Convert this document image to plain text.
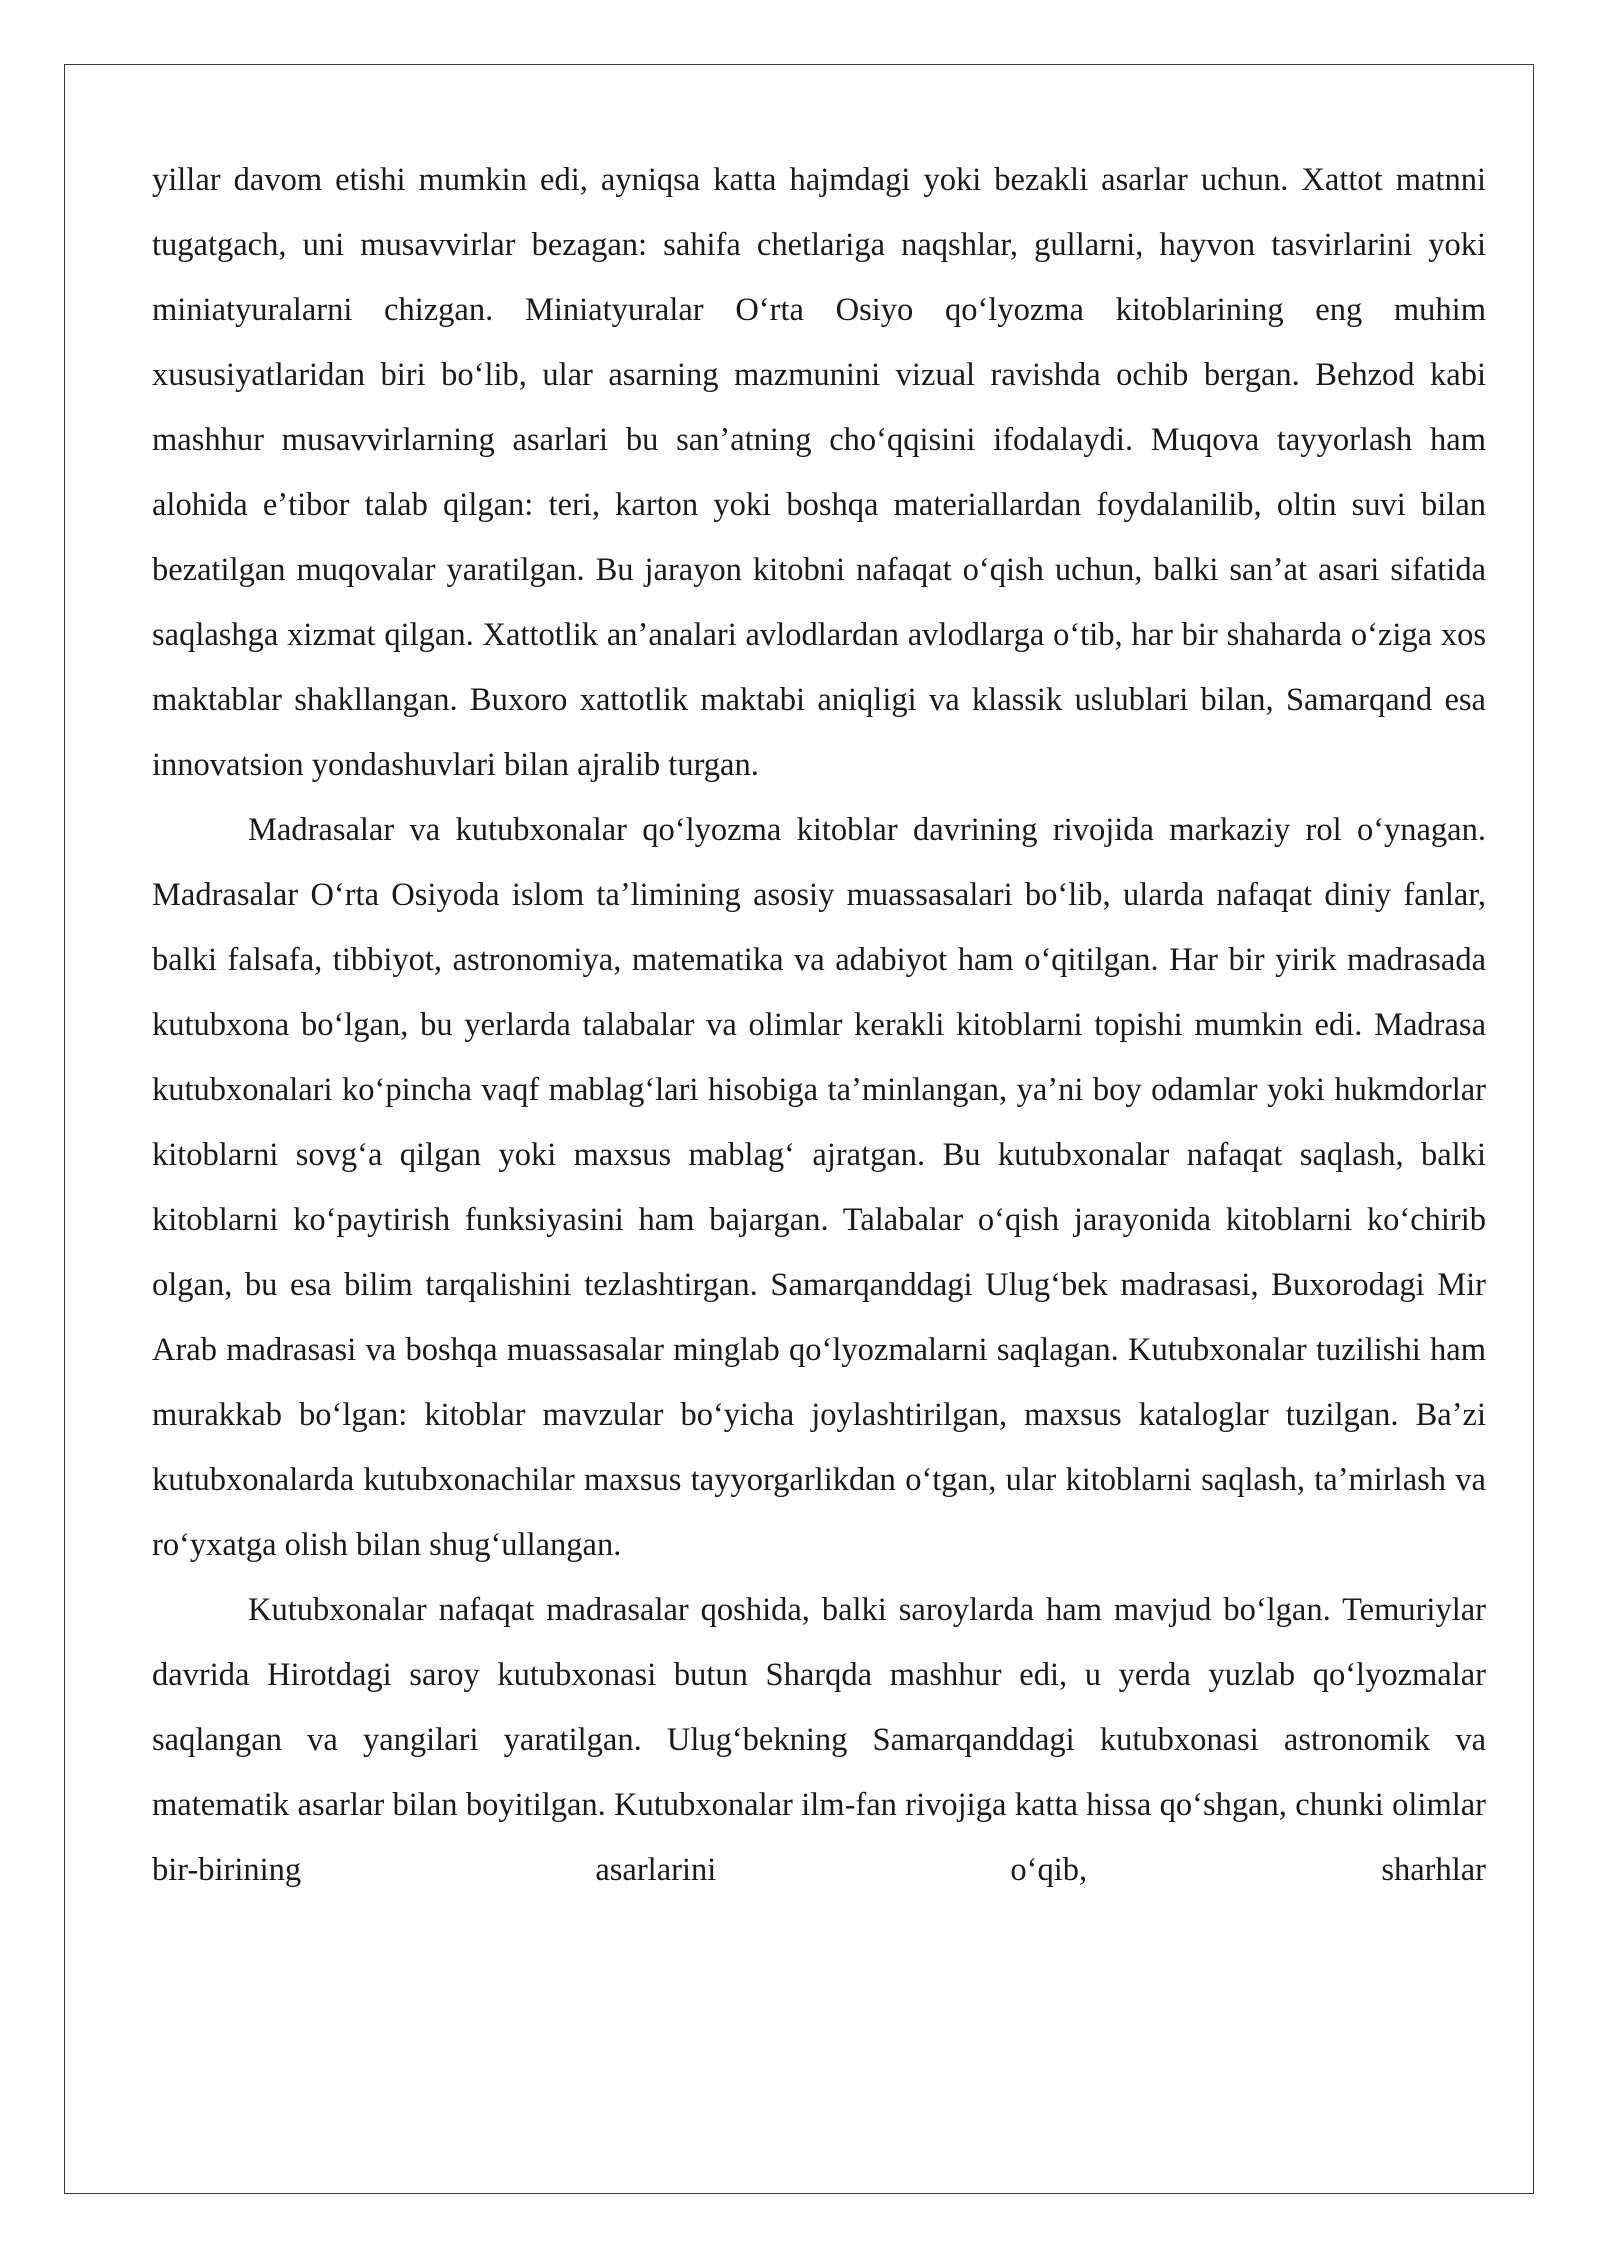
yillar davom etishi mumkin edi, ayniqsa katta hajmdagi yoki bezakli asarlar uchun. Xattot matnni tugatgach, uni musavvirlar bezagan: sahifa chetlariga naqshlar, gullarni, hayvon tasvirlarini yoki miniatyuralarni chizgan. Miniatyuralar Oʻrta Osiyo qoʻlyozma kitoblarining eng muhim xususiyatlaridan biri boʻlib, ular asarning mazmunini vizual ravishda ochib bergan. Behzod kabi mashhur musavvirlarning asarlari bu sanʼatning choʻqqisini ifodalaydi. Muqova tayyorlash ham alohida eʼtibor talab qilgan: teri, karton yoki boshqa materiallardan foydalanilib, oltin suvi bilan bezatilgan muqovalar yaratilgan. Bu jarayon kitobni nafaqat oʻqish uchun, balki sanʼat asari sifatida saqlashga xizmat qilgan. Xattotlik anʼanalari avlodlardan avlodlarga oʻtib, har bir shaharda oʻziga xos maktablar shakllangan. Buxoro xattotlik maktabi aniqligi va klassik uslublari bilan, Samarqand esa innovatsion yondashuvlari bilan ajralib turgan.

Madrasalar va kutubxonalar qoʻlyozma kitoblar davrining rivojida markaziy rol oʻynagan. Madrasalar Oʻrta Osiyoda islom taʼlimining asosiy muassasalari boʻlib, ularda nafaqat diniy fanlar, balki falsafa, tibbiyot, astronomiya, matematika va adabiyot ham oʻqitilgan. Har bir yirik madrasada kutubxona boʻlgan, bu yerlarda talabalar va olimlar kerakli kitoblarni topishi mumkin edi. Madrasa kutubxonalari koʻpincha vaqf mablagʻlari hisobiga taʼminlangan, yaʼni boy odamlar yoki hukmdorlar kitoblarni sovgʻa qilgan yoki maxsus mablagʻ ajratgan. Bu kutubxonalar nafaqat saqlash, balki kitoblarni koʻpaytirish funksiyasini ham bajargan. Talabalar oʻqish jarayonida kitoblarni koʻchirib olgan, bu esa bilim tarqalishini tezlashtirgan. Samarqanddagi Ulugʻbek madrasasi, Buxorodagi Mir Arab madrasasi va boshqa muassasalar minglab qoʻlyozmalarni saqlagan. Kutubxonalar tuzilishi ham murakkab boʻlgan: kitoblar mavzular boʻyicha joylashtirilgan, maxsus kataloglar tuzilgan. Baʼzi kutubxonalarda kutubxonachilar maxsus tayyorgarlikdan oʻtgan, ular kitoblarni saqlash, taʼmirlash va roʻyxatga olish bilan shugʻullangan.

Kutubxonalar nafaqat madrasalar qoshida, balki saroylarda ham mavjud boʻlgan. Temuriylar davrida Hirotdagi saroy kutubxonasi butun Sharqda mashhur edi, u yerda yuzlab qoʻlyozmalar saqlangan va yangilari yaratilgan. Ulugʻbekning Samarqanddagi kutubxonasi astronomik va matematik asarlar bilan boyitilgan. Kutubxonalar ilm-fan rivojiga katta hissa qoʻshgan, chunki olimlar bir-birining asarlarini oʻqib, sharhlar
